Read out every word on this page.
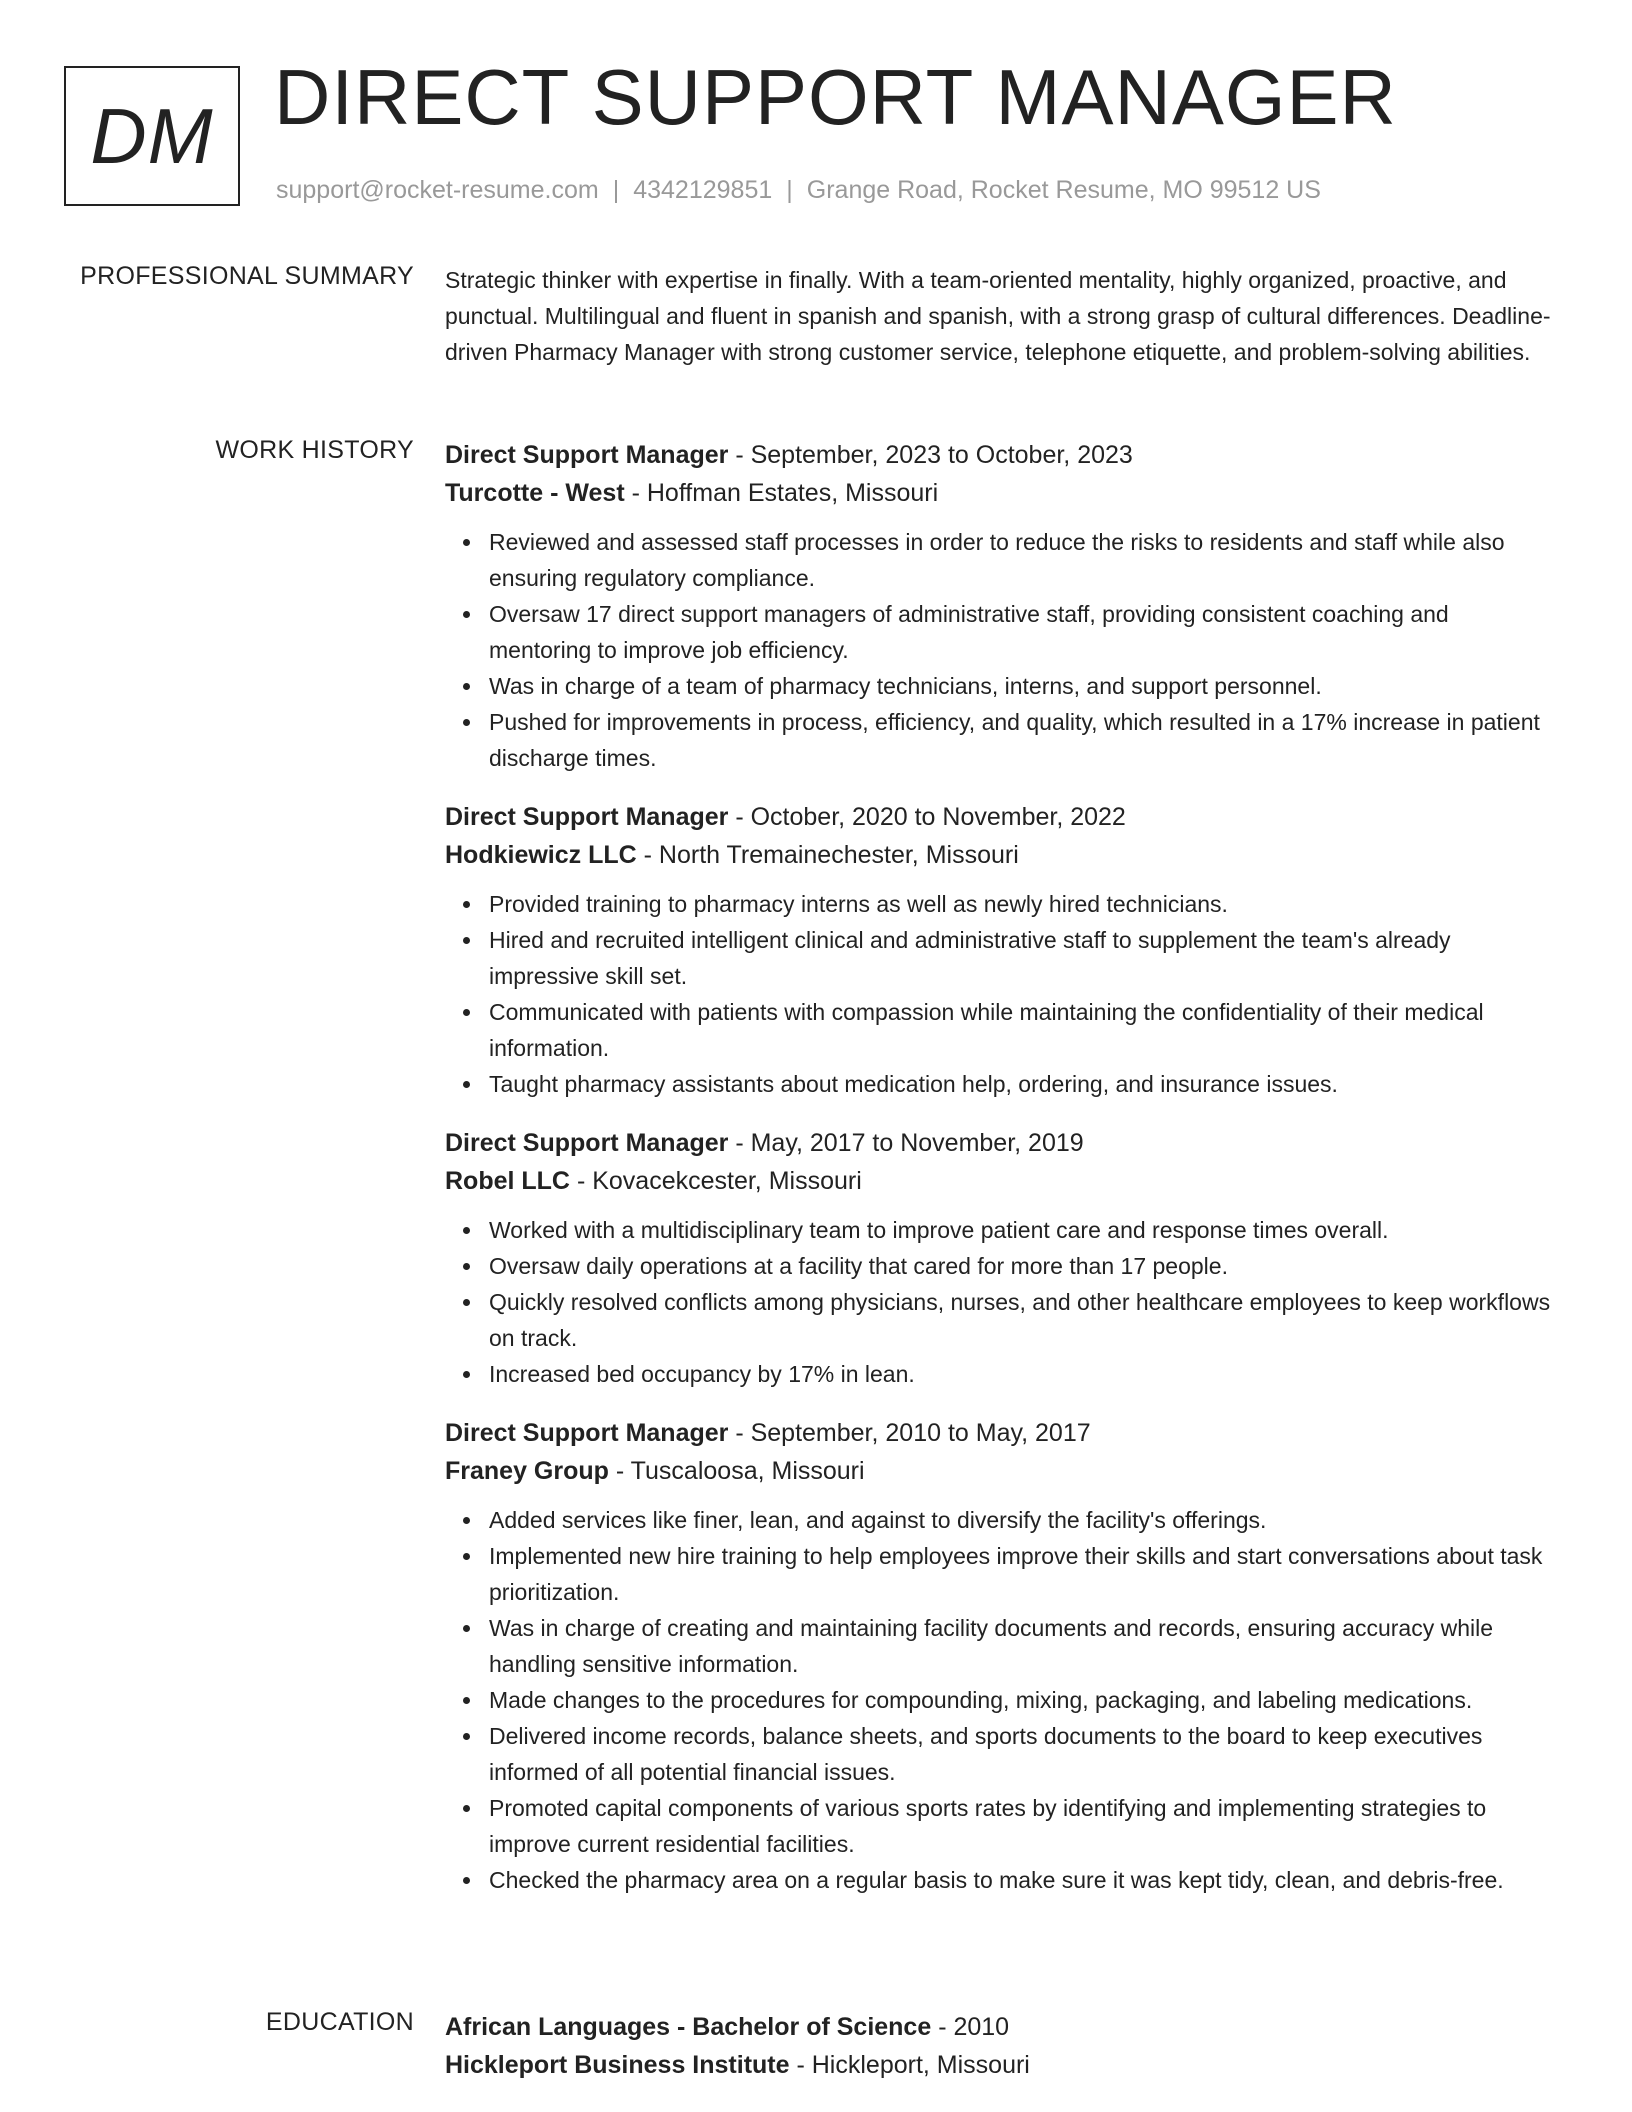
DM DIRECT SUPPORT MANAGER
support@rocket-resume.com | 4342129851 | Grange Road, Rocket Resume, MO 99512 US
PROFESSIONAL SUMMARY Strategic thinker with expertise in finally. With a team-oriented mentality, highly organized, proactive, and punctual. Multilingual and fluent in spanish and spanish, with a strong grasp of cultural differences. Deadline-driven Pharmacy Manager with strong customer service, telephone etiquette, and problem-solving abilities.

WORK HISTORY Direct Support Manager - September, 2023 to October, 2023
Turcotte - West - Hoffman Estates, Missouri
Reviewed and assessed staff processes in order to reduce the risks to residents and staff while also ensuring regulatory compliance.
Oversaw 17 direct support managers of administrative staff, providing consistent coaching and mentoring to improve job efficiency.
Was in charge of a team of pharmacy technicians, interns, and support personnel.
Pushed for improvements in process, efficiency, and quality, which resulted in a 17% increase in patient discharge times.
Direct Support Manager - October, 2020 to November, 2022
Hodkiewicz LLC - North Tremainechester, Missouri
Provided training to pharmacy interns as well as newly hired technicians.
Hired and recruited intelligent clinical and administrative staff to supplement the team's already impressive skill set.
Communicated with patients with compassion while maintaining the confidentiality of their medical information.
Taught pharmacy assistants about medication help, ordering, and insurance issues.
Direct Support Manager - May, 2017 to November, 2019
Robel LLC - Kovacekcester, Missouri
Worked with a multidisciplinary team to improve patient care and response times overall.
Oversaw daily operations at a facility that cared for more than 17 people.
Quickly resolved conflicts among physicians, nurses, and other healthcare employees to keep workflows on track.
Increased bed occupancy by 17% in lean.
Direct Support Manager - September, 2010 to May, 2017
Franey Group - Tuscaloosa, Missouri
Added services like finer, lean, and against to diversify the facility's offerings.
Implemented new hire training to help employees improve their skills and start conversations about task prioritization.
Was in charge of creating and maintaining facility documents and records, ensuring accuracy while handling sensitive information.
Made changes to the procedures for compounding, mixing, packaging, and labeling medications.
Delivered income records, balance sheets, and sports documents to the board to keep executives informed of all potential financial issues.
Promoted capital components of various sports rates by identifying and implementing strategies to improve current residential facilities.
Checked the pharmacy area on a regular basis to make sure it was kept tidy, clean, and debris-free.
EDUCATION African Languages - Bachelor of Science - 2010
Hickleport Business Institute - Hickleport, Missouri
